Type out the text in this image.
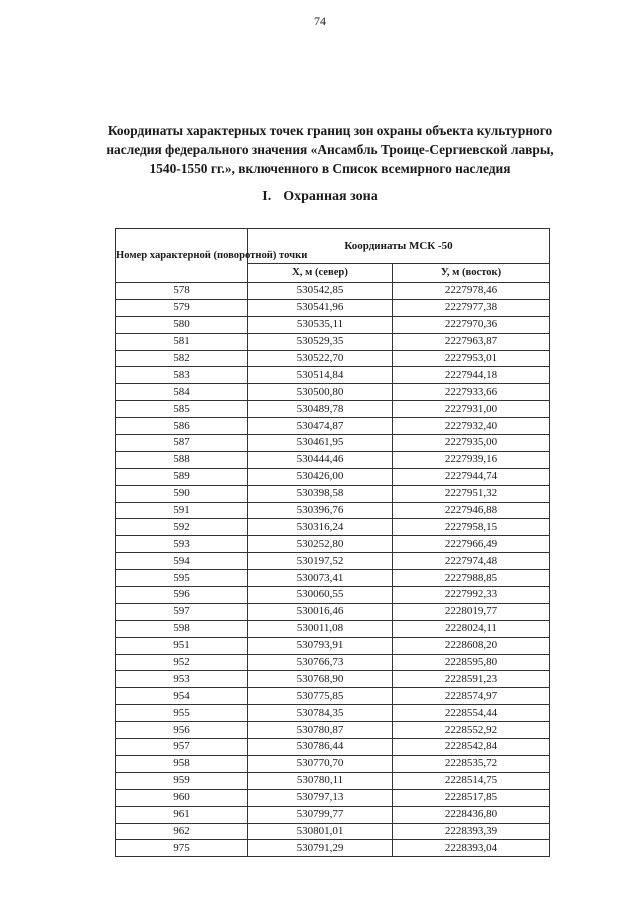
74
Координаты характерных точек границ зон охраны объекта культурного
наследия федерального значения «Ансамбль Троице-Сергиевской лавры,
1540-1550 гг.», включенного в Список всемирного наследия
I. Охранная зона
Номер характерной (поворотной) точки	Координаты МСК -50	
	X, м (север)	У, м (восток)
578	530542,85	2227978,46
579	530541,96	2227977,38
580	530535,11	2227970,36
581	530529,35	2227963,87
582	530522,70	2227953,01
583	530514,84	2227944,18
584	530500,80	2227933,66
585	530489,78	2227931,00
586	530474,87	2227932,40
587	530461,95	2227935,00
588	530444,46	2227939,16
589	530426,00	2227944,74
590	530398,58	2227951,32
591	530396,76	2227946,88
592	530316,24	2227958,15
593	530252,80	2227966,49
594	530197,52	2227974,48
595	530073,41	2227988,85
596	530060,55	2227992,33
597	530016,46	2228019,77
598	530011,08	2228024,11
951	530793,91	2228608,20
952	530766,73	2228595,80
953	530768,90	2228591,23
954	530775,85	2228574,97
955	530784,35	2228554,44
956	530780,87	2228552,92
957	530786,44	2228542,84
958	530770,70	2228535,72
959	530780,11	2228514,75
960	530797,13	2228517,85
961	530799,77	2228436,80
962	530801,01	2228393,39
975	530791,29	2228393,04
